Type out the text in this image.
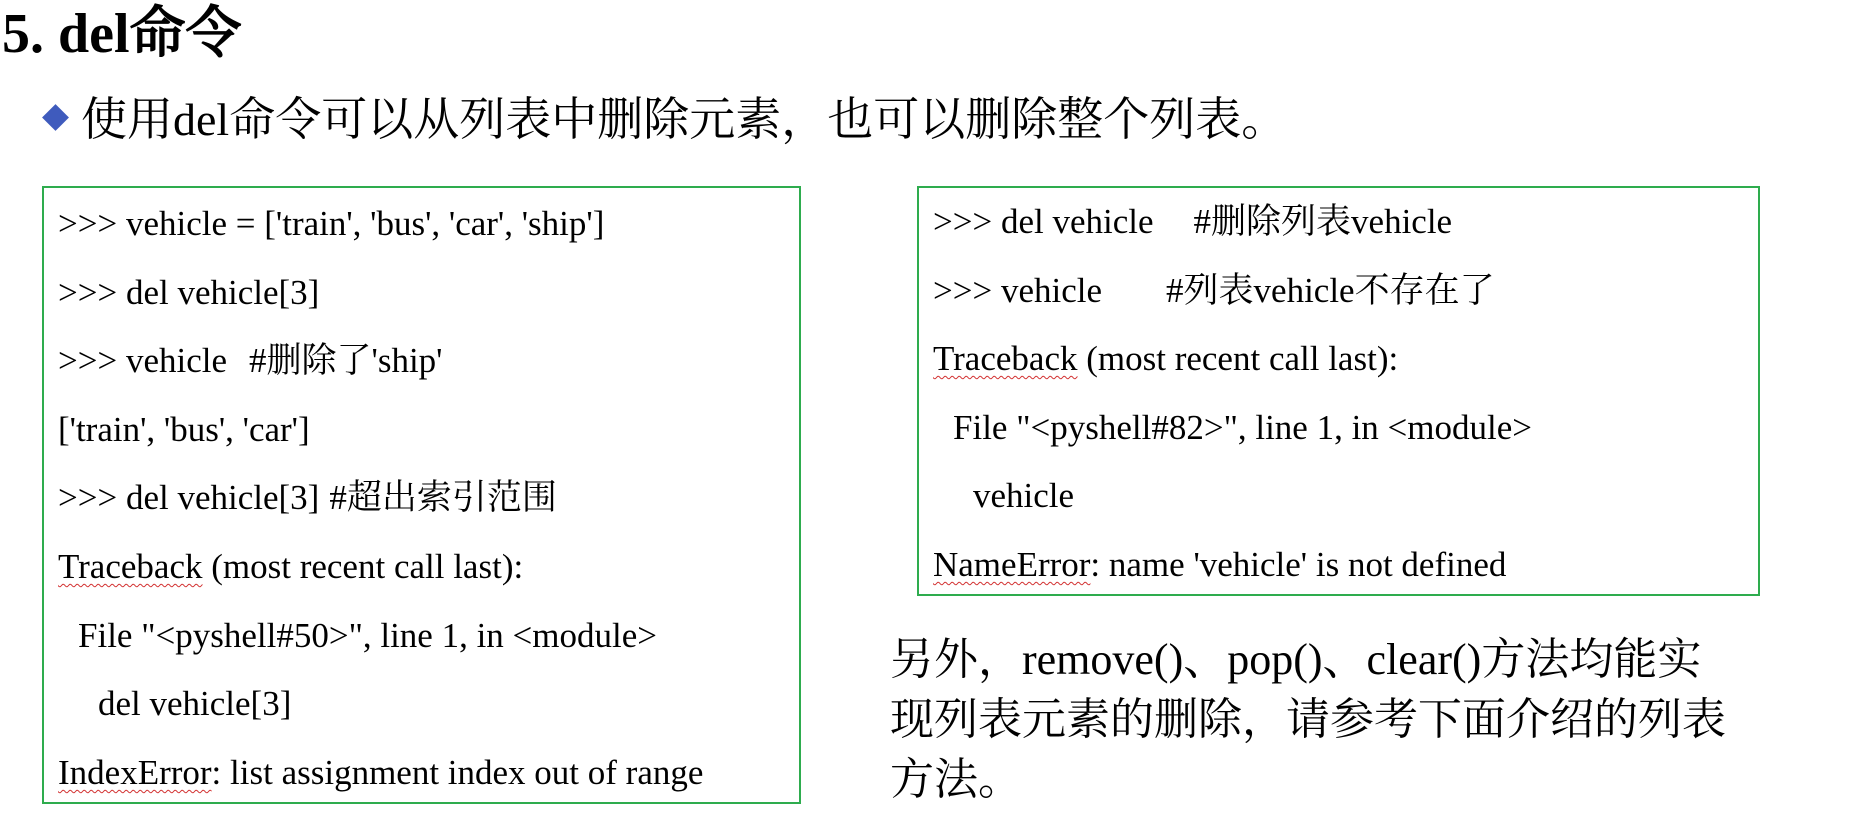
5. del命令
使用del命令可以从列表中删除元素，也可以删除整个列表。
>>> vehicle = ['train', 'bus', 'car', 'ship']
>>> del vehicle[3]
>>> vehicle #删除了'ship'
['train', 'bus', 'car']
>>> del vehicle[3] #超出索引范围
Traceback (most recent call last):
File "<pyshell#50>", line 1, in <module>
del vehicle[3]
IndexError: list assignment index out of range
>>> del vehicle #删除列表vehicle
>>> vehicle #列表vehicle不存在了
Traceback (most recent call last):
File "<pyshell#82>", line 1, in <module>
vehicle
NameError: name 'vehicle' is not defined
另外，remove()、pop()、clear()方法均能实
现列表元素的删除，请参考下面介绍的列表
方法。
